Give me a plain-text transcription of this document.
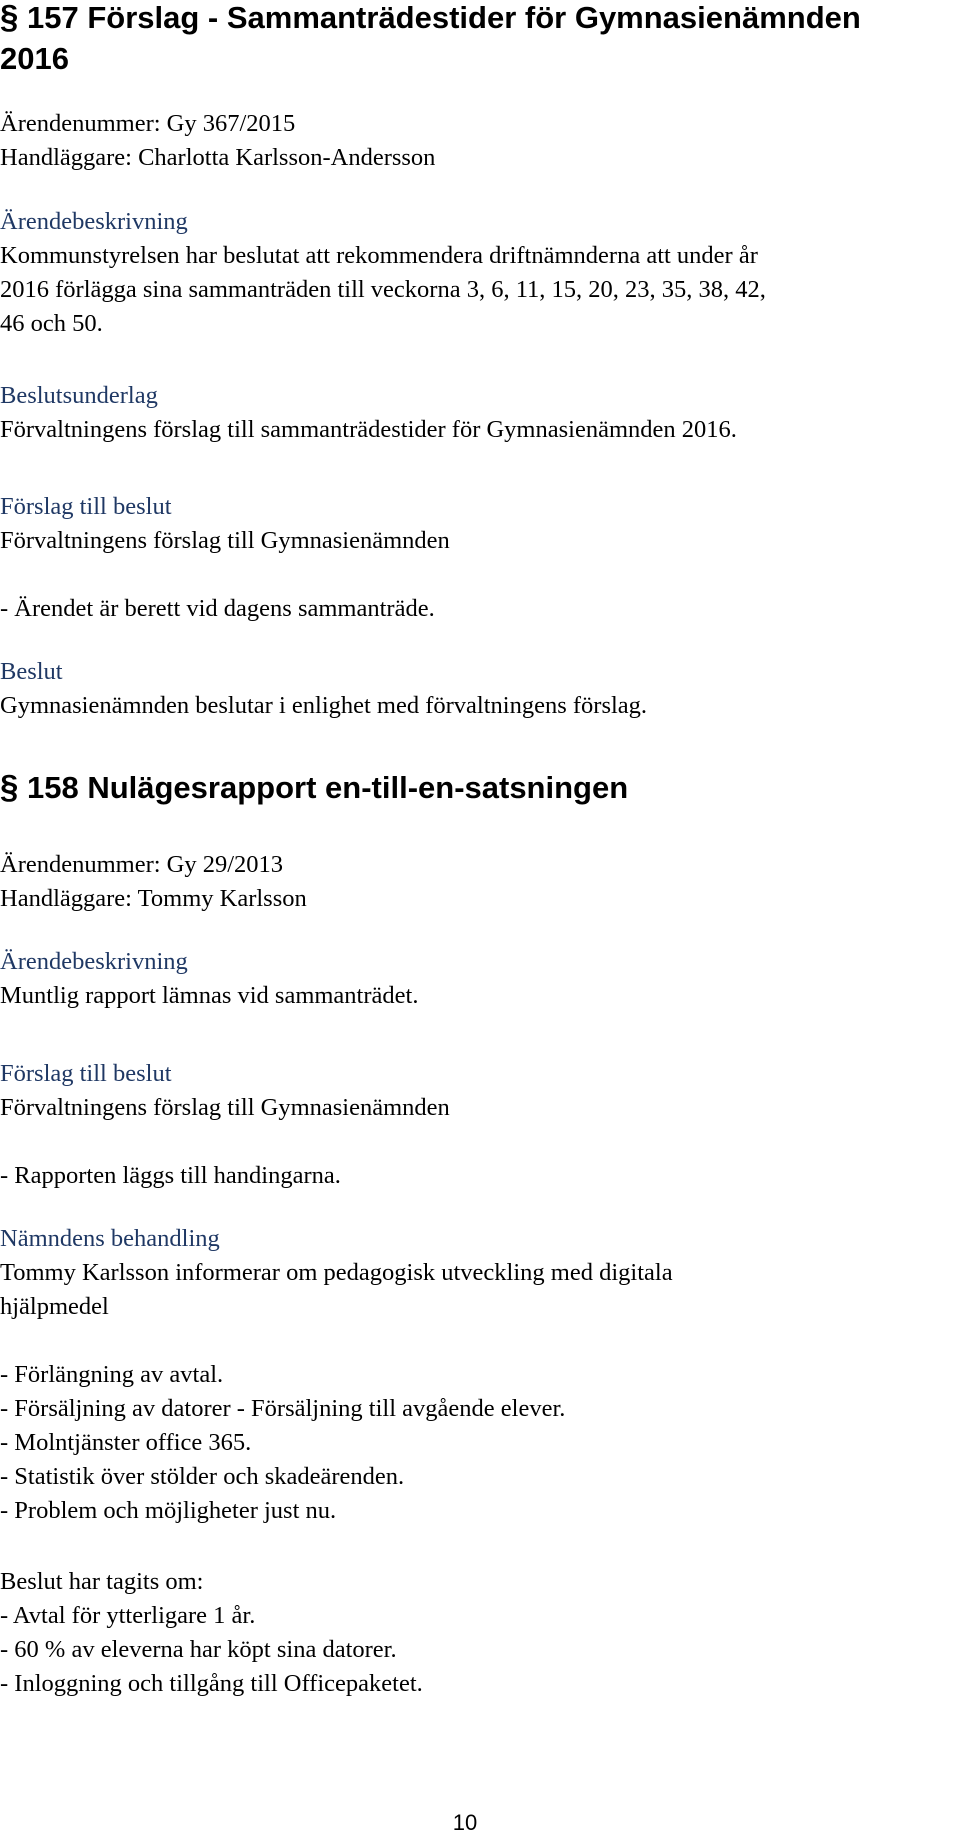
§ 157 Förslag - Sammanträdestider för Gymnasienämnden
2016
Ärendenummer: Gy 367/2015
Handläggare: Charlotta Karlsson-Andersson
Ärendebeskrivning
Kommunstyrelsen har beslutat att rekommendera driftnämnderna att under år
2016 förlägga sina sammanträden till veckorna 3, 6, 11, 15, 20, 23, 35, 38, 42,
46 och 50.
Beslutsunderlag
Förvaltningens förslag till sammanträdestider för Gymnasienämnden 2016.
Förslag till beslut
Förvaltningens förslag till Gymnasienämnden
- Ärendet är berett vid dagens sammanträde.
Beslut
Gymnasienämnden beslutar i enlighet med förvaltningens förslag.
§ 158 Nulägesrapport en-till-en-satsningen
Ärendenummer: Gy 29/2013
Handläggare: Tommy Karlsson
Ärendebeskrivning
Muntlig rapport lämnas vid sammanträdet.
Förslag till beslut
Förvaltningens förslag till Gymnasienämnden
- Rapporten läggs till handingarna.
Nämndens behandling
Tommy Karlsson informerar om pedagogisk utveckling med digitala
hjälpmedel
- Förlängning av avtal.
- Försäljning av datorer - Försäljning till avgående elever.
- Molntjänster office 365.
- Statistik över stölder och skadeärenden.
- Problem och möjligheter just nu.
Beslut har tagits om:
- Avtal för ytterligare 1 år.
- 60 % av eleverna har köpt sina datorer.
- Inloggning och tillgång till Officepaketet.
10
